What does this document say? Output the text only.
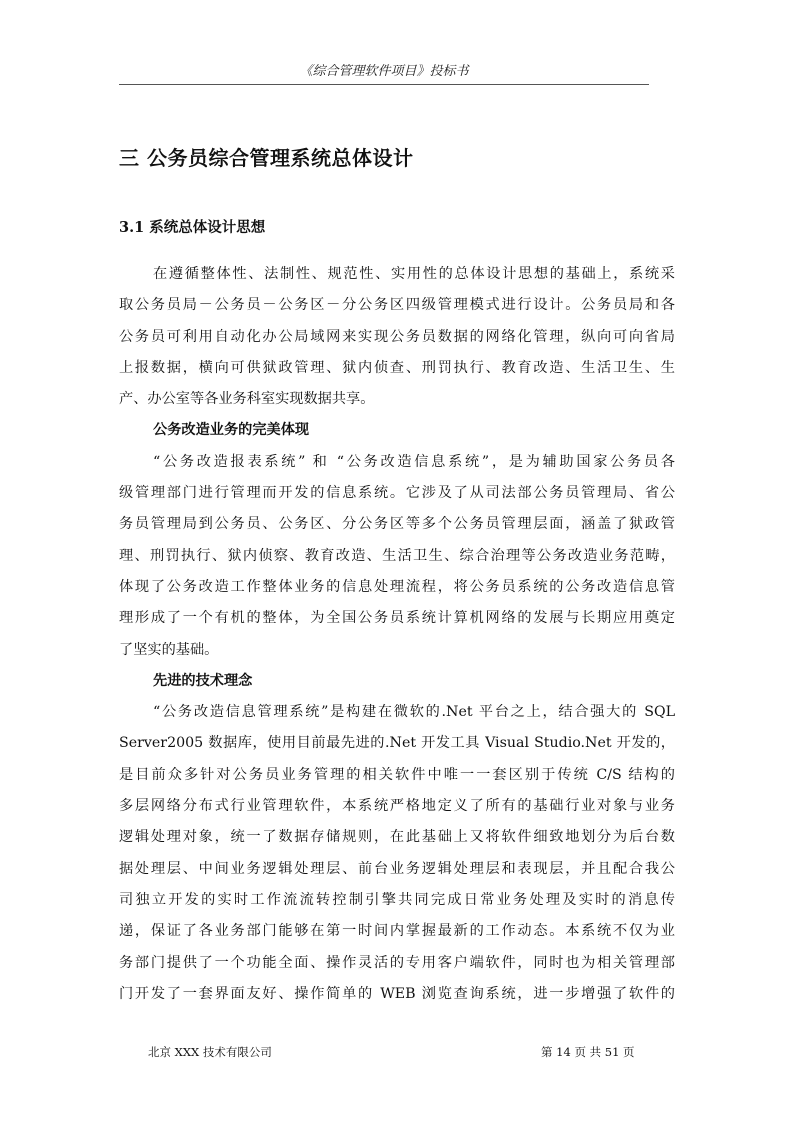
《综合管理软件项目》投标书
三 公务员综合管理系统总体设计
3.1 系统总体设计思想
在遵循整体性、法制性、规范性、实用性的总体设计思想的基础上，系统采
取公务员局－公务员－公务区－分公务区四级管理模式进行设计。公务员局和各
公务员可利用自动化办公局域网来实现公务员数据的网络化管理，纵向可向省局
上报数据，横向可供狱政管理、狱内侦查、刑罚执行、教育改造、生活卫生、生
产、办公室等各业务科室实现数据共享。
公务改造业务的完美体现
“公务改造报表系统” 和 “公务改造信息系统”，是为辅助国家公务员各
级管理部门进行管理而开发的信息系统。它涉及了从司法部公务员管理局、省公
务员管理局到公务员、公务区、分公务区等多个公务员管理层面，涵盖了狱政管
理、刑罚执行、狱内侦察、教育改造、生活卫生、综合治理等公务改造业务范畴，
体现了公务改造工作整体业务的信息处理流程，将公务员系统的公务改造信息管
理形成了一个有机的整体，为全国公务员系统计算机网络的发展与长期应用奠定
了坚实的基础。
先进的技术理念
“公务改造信息管理系统”是构建在微软的.Net 平台之上，结合强大的 SQL
Server2005 数据库，使用目前最先进的.Net 开发工具 Visual Studio.Net 开发的，
是目前众多针对公务员业务管理的相关软件中唯一一套区别于传统 C/S 结构的
多层网络分布式行业管理软件，本系统严格地定义了所有的基础行业对象与业务
逻辑处理对象，统一了数据存储规则，在此基础上又将软件细致地划分为后台数
据处理层、中间业务逻辑处理层、前台业务逻辑处理层和表现层，并且配合我公
司独立开发的实时工作流流转控制引擎共同完成日常业务处理及实时的消息传
递，保证了各业务部门能够在第一时间内掌握最新的工作动态。本系统不仅为业
务部门提供了一个功能全面、操作灵活的专用客户端软件，同时也为相关管理部
门开发了一套界面友好、操作简单的 WEB 浏览查询系统，进一步增强了软件的
北京 XXX 技术有限公司	第 14 页 共 51 页
